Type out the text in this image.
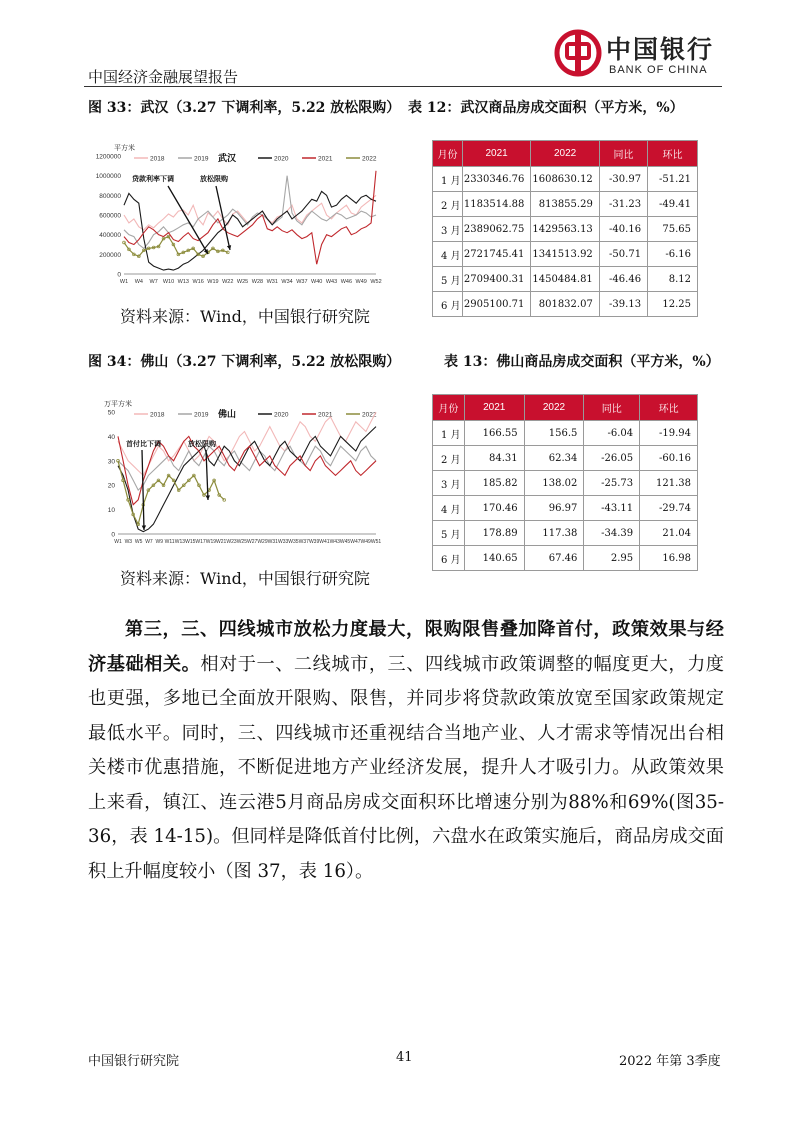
中国经济金融展望报告
中国银行
BANK OF CHINA
图 33：武汉（3.27 下调利率，5.22 放松限购） 表 12：武汉商品房成交面积（平方米，%）
平方米
0
200000
400000
600000
800000
1000000
1200000
W1 W4 W7 W10 W13 W16 W19 W22 W25 W28 W31 W34 W37 W40 W43 W46 W49 W52
2018	2019 武汉	2020	2021	2022
贷款利率下调	放松限购
月份	2021	2022	同比	环比
1 月	2330346.76	1608630.12	-30.97	-51.21
2 月	1183514.88	813855.29	-31.23	-49.41
3 月	2389062.75	1429563.13	-40.16	75.65
4 月	2721745.41	1341513.92	-50.71	-6.16
5 月	2709400.31	1450484.81	-46.46	8.12
6 月	2905100.71	801832.07	-39.13	12.25
资料来源：Wind，中国银行研究院
图 34：佛山（3.27 下调利率，5.22 放松限购）	表 13：佛山商品房成交面积（平方米，%）
万平方米
0
10
20
30
40
50
W1 W3 W5 W7 W9 W11 W13 W15 W17 W19 W21 W23 W25 W27 W29 W31 W33 W35 W37 W39 W41 W43 W45 W47 W49 W51
2018	2019 佛山	2020	2021	2022
首付比下调	放松限购
月份	2021	2022	同比	环比
1 月	166.55	156.5	-6.04	-19.94
2 月	84.31	62.34	-26.05	-60.16
3 月	185.82	138.02	-25.73	121.38
4 月	170.46	96.97	-43.11	-29.74
5 月	178.89	117.38	-34.39	21.04
6 月	140.65	67.46	2.95	16.98
资料来源：Wind，中国银行研究院
第三，三、四线城市放松力度最大，限购限售叠加降首付，政策效果与经济基础相关。相对于一、二线城市，三、四线城市政策调整的幅度更大，力度也更强，多地已全面放开限购、限售，并同步将贷款政策放宽至国家政策规定最低水平。同时，三、四线城市还重视结合当地产业、人才需求等情况出台相关楼市优惠措施，不断促进地方产业经济发展，提升人才吸引力。从政策效果上来看，镇江、连云港5月商品房成交面积环比增速分别为88%和69%(图35-36，表 14-15)。但同样是降低首付比例，六盘水在政策实施后，商品房成交面积上升幅度较小（图 37，表 16）。
中国银行研究院	41	2022 年第 3季度
